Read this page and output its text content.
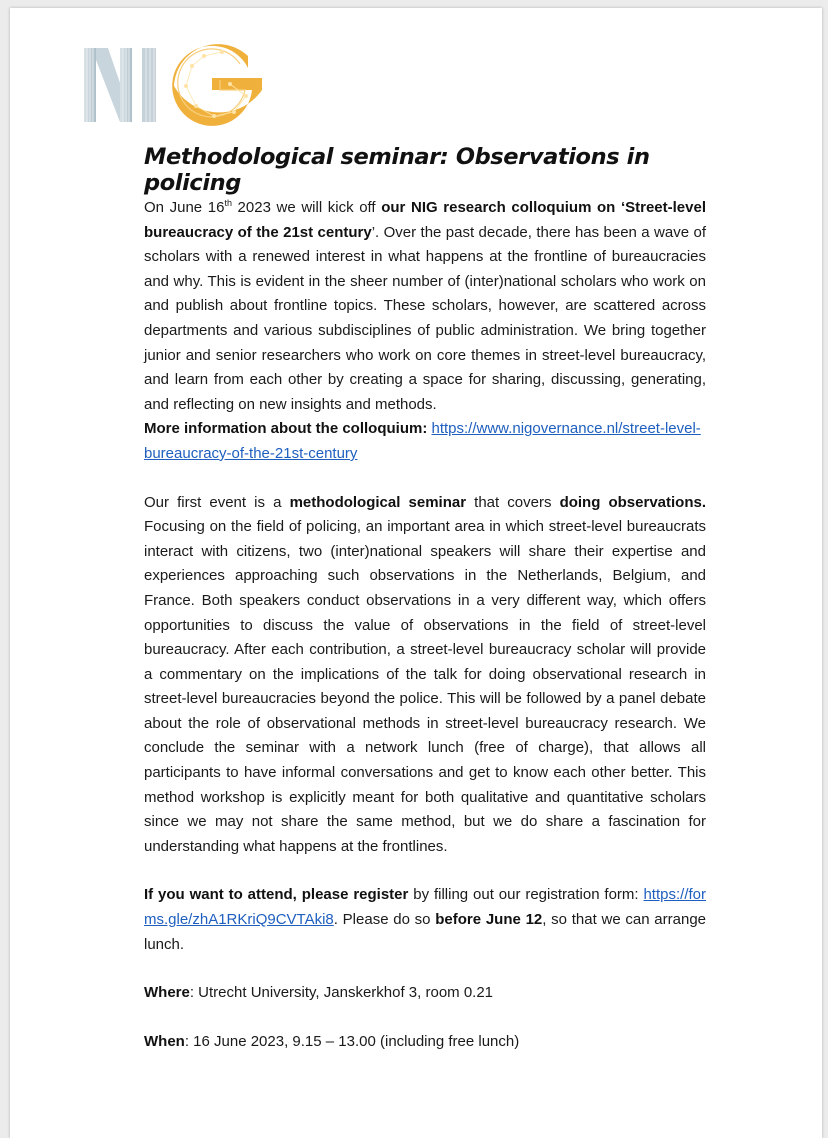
Methodological seminar: Observations in policing

On June 16th 2023 we will kick off our NIG research colloquium on ‘Street-level bureaucracy of the 21st century’. Over the past decade, there has been a wave of scholars with a renewed interest in what happens at the frontline of bureaucracies and why. This is evident in the sheer number of (inter)national scholars who work on and publish about frontline topics. These scholars, however, are scattered across departments and various subdisciplines of public administration. We bring together junior and senior researchers who work on core themes in street-level bureaucracy, and learn from each other by creating a space for sharing, discussing, generating, and reflecting on new insights and methods.

More information about the colloquium: https://www.nigovernance.nl/street-level-bureaucracy-of-the-21st-century

Our first event is a methodological seminar that covers doing observations. Focusing on the field of policing, an important area in which street-level bureaucrats interact with citizens, two (inter)national speakers will share their expertise and experiences approaching such observations in the Netherlands, Belgium, and France. Both speakers conduct observations in a very different way, which offers opportunities to discuss the value of observations in the field of street-level bureaucracy. After each contribution, a street-level bureaucracy scholar will provide a commentary on the implications of the talk for doing observational research in street-level bureaucracies beyond the police. This will be followed by a panel debate about the role of observational methods in street-level bureaucracy research. We conclude the seminar with a network lunch (free of charge), that allows all participants to have informal conversations and get to know each other better. This method workshop is explicitly meant for both qualitative and quantitative scholars since we may not share the same method, but we do share a fascination for understanding what happens at the frontlines.

If you want to attend, please register by filling out our registration form: https://forms.gle/zhA1RKriQ9CVTAki8. Please do so before June 12, so that we can arrange lunch.

Where: Utrecht University, Janskerkhof 3, room 0.21

When: 16 June 2023, 9.15 – 13.00 (including free lunch)
